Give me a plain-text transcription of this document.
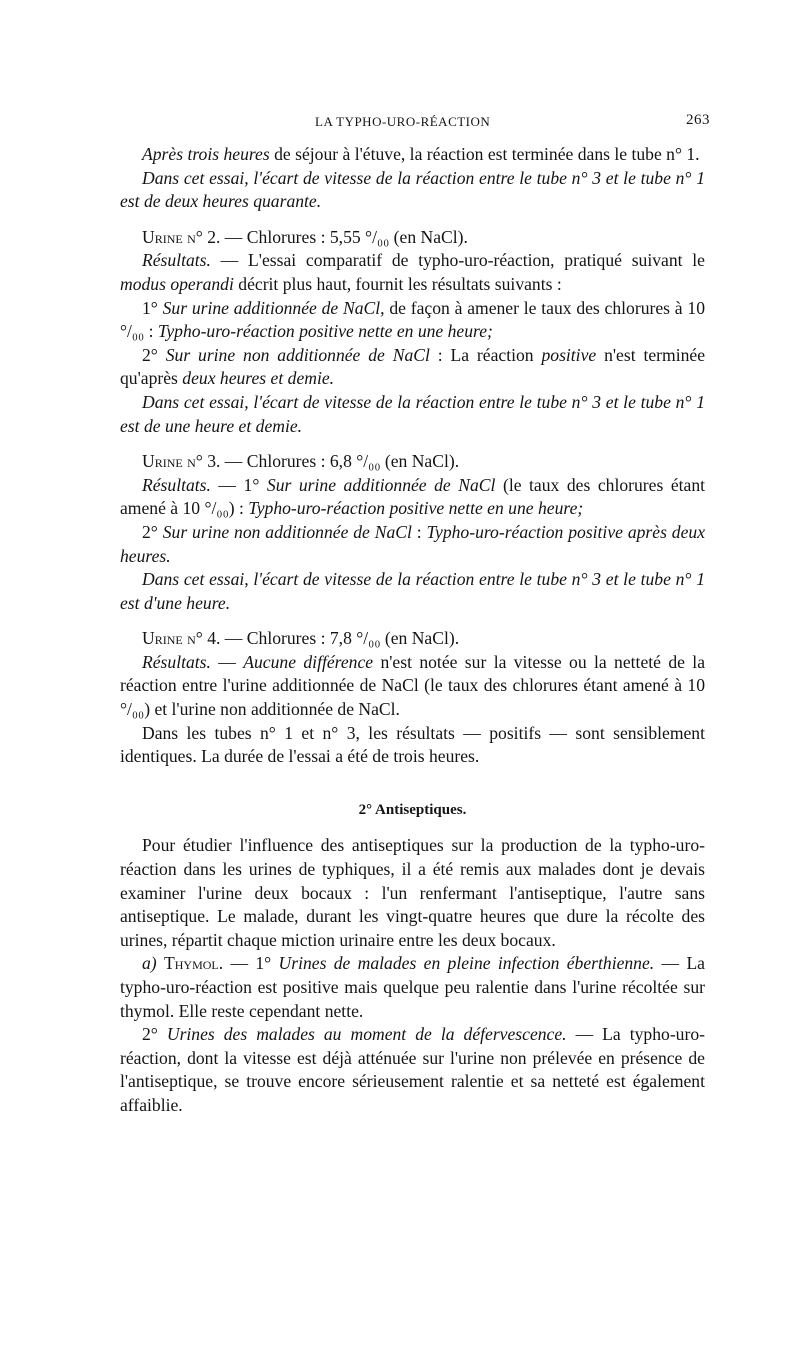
LA TYPHO-URO-RÉACTION	263

Après trois heures de séjour à l'étuve, la réaction est terminée dans le tube n° 1.

Dans cet essai, l'écart de vitesse de la réaction entre le tube n° 3 et le tube n° 1 est de deux heures quarante.

Urine n° 2. — Chlorures : 5,55 °/₀₀ (en NaCl).

Résultats. — L'essai comparatif de typho-uro-réaction, pratiqué suivant le modus operandi décrit plus haut, fournit les résultats suivants :

1° Sur urine additionnée de NaCl, de façon à amener le taux des chlorures à 10 °/₀₀ : Typho-uro-réaction positive nette en une heure;

2° Sur urine non additionnée de NaCl : La réaction positive n'est terminée qu'après deux heures et demie.

Dans cet essai, l'écart de vitesse de la réaction entre le tube n° 3 et le tube n° 1 est de une heure et demie.

Urine n° 3. — Chlorures : 6,8 °/₀₀ (en NaCl).

Résultats. — 1° Sur urine additionnée de NaCl (le taux des chlorures étant amené à 10 °/₀₀) : Typho-uro-réaction positive nette en une heure;

2° Sur urine non additionnée de NaCl : Typho-uro-réaction positive après deux heures.

Dans cet essai, l'écart de vitesse de la réaction entre le tube n° 3 et le tube n° 1 est d'une heure.

Urine n° 4. — Chlorures : 7,8 °/₀₀ (en NaCl).

Résultats. — Aucune différence n'est notée sur la vitesse ou la netteté de la réaction entre l'urine additionnée de NaCl (le taux des chlorures étant amené à 10 °/₀₀) et l'urine non additionnée de NaCl.

Dans les tubes n° 1 et n° 3, les résultats — positifs — sont sensiblement identiques. La durée de l'essai a été de trois heures.

2° Antiseptiques.

Pour étudier l'influence des antiseptiques sur la production de la typho-uro-réaction dans les urines de typhiques, il a été remis aux malades dont je devais examiner l'urine deux bocaux : l'un renfermant l'antiseptique, l'autre sans antiseptique. Le malade, durant les vingt-quatre heures que dure la récolte des urines, répartit chaque miction urinaire entre les deux bocaux.

a) Thymol. — 1° Urines de malades en pleine infection éberthienne. — La typho-uro-réaction est positive mais quelque peu ralentie dans l'urine récoltée sur thymol. Elle reste cependant nette.

2° Urines des malades au moment de la défervescence. — La typho-uro-réaction, dont la vitesse est déjà atténuée sur l'urine non prélevée en présence de l'antiseptique, se trouve encore sérieusement ralentie et sa netteté est également affaiblie.
